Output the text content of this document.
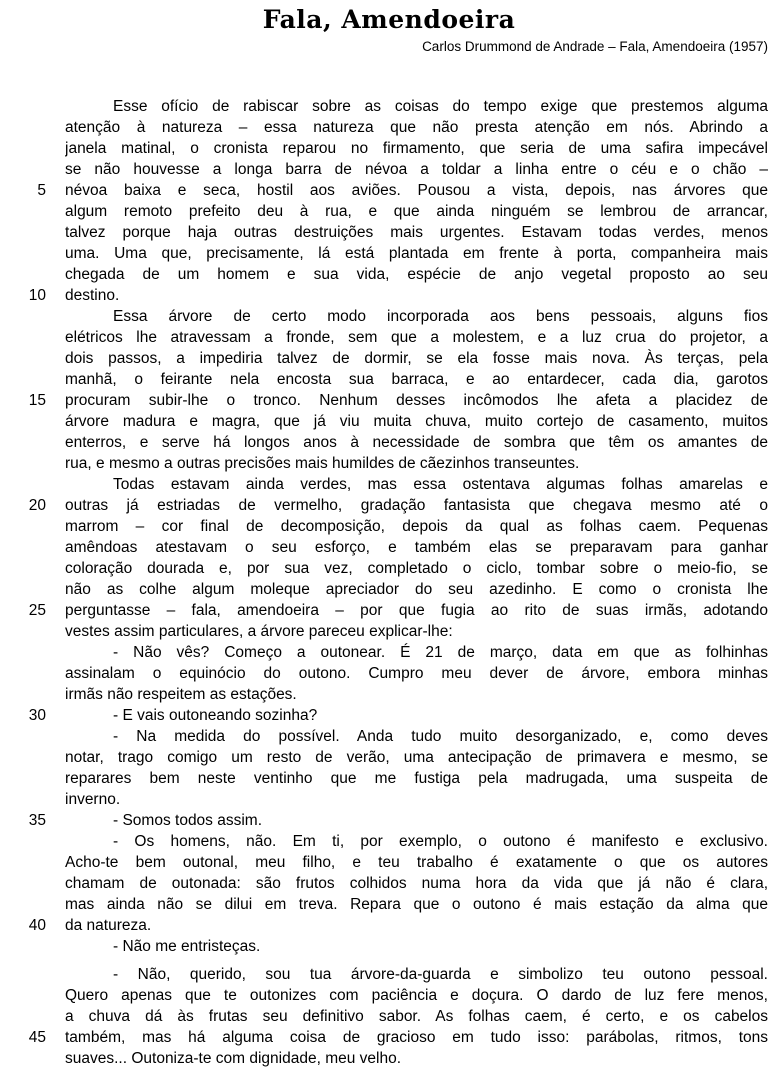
Fala, Amendoeira
Carlos Drummond de Andrade – Fala, Amendoeira (1957)
Esse ofício de rabiscar sobre as coisas do tempo exige que prestemos alguma
atenção à natureza – essa natureza que não presta atenção em nós. Abrindo a
janela matinal, o cronista reparou no firmamento, que seria de uma safira impecável
se não houvesse a longa barra de névoa a toldar a linha entre o céu e o chão –
5 névoa baixa e seca, hostil aos aviões. Pousou a vista, depois, nas árvores que
algum remoto prefeito deu à rua, e que ainda ninguém se lembrou de arrancar,
talvez porque haja outras destruições mais urgentes. Estavam todas verdes, menos
uma. Uma que, precisamente, lá está plantada em frente à porta, companheira mais
chegada de um homem e sua vida, espécie de anjo vegetal proposto ao seu
10 destino.
Essa árvore de certo modo incorporada aos bens pessoais, alguns fios
elétricos lhe atravessam a fronde, sem que a molestem, e a luz crua do projetor, a
dois passos, a impediria talvez de dormir, se ela fosse mais nova. Às terças, pela
manhã, o feirante nela encosta sua barraca, e ao entardecer, cada dia, garotos
15 procuram subir-lhe o tronco. Nenhum desses incômodos lhe afeta a placidez de
árvore madura e magra, que já viu muita chuva, muito cortejo de casamento, muitos
enterros, e serve há longos anos à necessidade de sombra que têm os amantes de
rua, e mesmo a outras precisões mais humildes de cãezinhos transeuntes.
Todas estavam ainda verdes, mas essa ostentava algumas folhas amarelas e
20 outras já estriadas de vermelho, gradação fantasista que chegava mesmo até o
marrom – cor final de decomposição, depois da qual as folhas caem. Pequenas
amêndoas atestavam o seu esforço, e também elas se preparavam para ganhar
coloração dourada e, por sua vez, completado o ciclo, tombar sobre o meio-fio, se
não as colhe algum moleque apreciador do seu azedinho. E como o cronista lhe
25 perguntasse – fala, amendoeira – por que fugia ao rito de suas irmãs, adotando
vestes assim particulares, a árvore pareceu explicar-lhe:
- Não vês? Começo a outonear. É 21 de março, data em que as folhinhas
assinalam o equinócio do outono. Cumpro meu dever de árvore, embora minhas
irmãs não respeitem as estações.
30	- E vais outoneando sozinha?
- Na medida do possível. Anda tudo muito desorganizado, e, como deves
notar, trago comigo um resto de verão, uma antecipação de primavera e mesmo, se
reparares bem neste ventinho que me fustiga pela madrugada, uma suspeita de
inverno.
35	- Somos todos assim.
- Os homens, não. Em ti, por exemplo, o outono é manifesto e exclusivo.
Acho-te bem outonal, meu filho, e teu trabalho é exatamente o que os autores
chamam de outonada: são frutos colhidos numa hora da vida que já não é clara,
mas ainda não se dilui em treva. Repara que o outono é mais estação da alma que
40 da natureza.
- Não me entristeças.
- Não, querido, sou tua árvore-da-guarda e simbolizo teu outono pessoal.
Quero apenas que te outonizes com paciência e doçura. O dardo de luz fere menos,
a chuva dá às frutas seu definitivo sabor. As folhas caem, é certo, e os cabelos
45 também, mas há alguma coisa de gracioso em tudo isso: parábolas, ritmos, tons
suaves... Outoniza-te com dignidade, meu velho.
